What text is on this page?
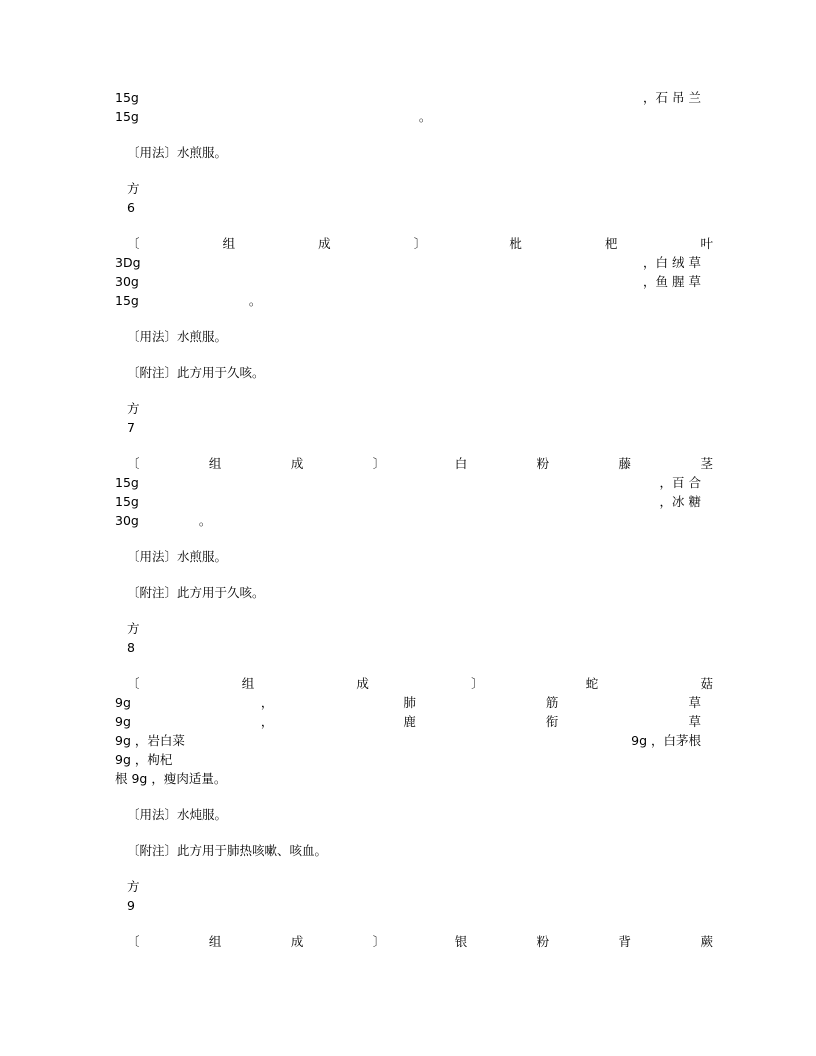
15g	，石 吊 兰
15g	。
〔用法〕水煎服。
方
6
〔	组	成	〕	枇	杷	叶
3Dg	，白 绒 草
30g	，鱼 腥 草
15g	。
〔用法〕水煎服。
〔附注〕此方用于久咳。
方
7
〔	组	成	〕	白	粉	藤	茎
15g	，百 合
15g	，冰 糖
30g	。
〔用法〕水煎服。
〔附注〕此方用于久咳。
方
8
〔	组	成	〕	蛇	菇
9g	，	肺	筋	草
9g	，	鹿	衔	草
9g ，岩白菜	9g ，白茅根
9g ，枸杞
根 9g ，瘦肉适量。
〔用法〕水炖服。
〔附注〕此方用于肺热咳嗽、咳血。
方
9
〔	组	成	〕	银	粉	背	蕨
